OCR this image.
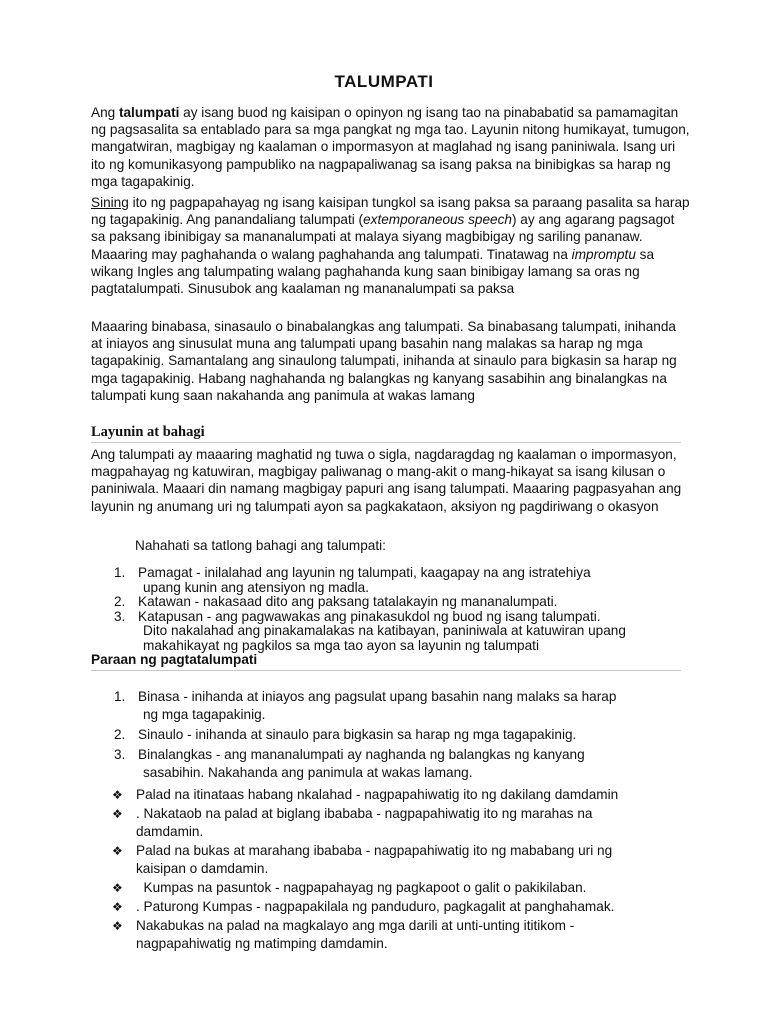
TALUMPATI

Ang talumpati ay isang buod ng kaisipan o opinyon ng isang tao na pinababatid sa pamamagitan ng pagsasalita sa entablado para sa mga pangkat ng mga tao. Layunin nitong humikayat, tumugon, mangatwiran, magbigay ng kaalaman o impormasyon at maglahad ng isang paniniwala. Isang uri ito ng komunikasyong pampubliko na nagpapaliwanag sa isang paksa na binibigkas sa harap ng mga tagapakinig.

Sining ito ng pagpapahayag ng isang kaisipan tungkol sa isang paksa sa paraang pasalita sa harap ng tagapakinig. Ang panandaliang talumpati (extemporaneous speech) ay ang agarang pagsagot sa paksang ibinibigay sa mananalumpati at malaya siyang magbibigay ng sariling pananaw. Maaaring may paghahanda o walang paghahanda ang talumpati. Tinatawag na impromptu sa wikang Ingles ang talumpating walang paghahanda kung saan binibigay lamang sa oras ng pagtatalumpati. Sinusubok ang kaalaman ng mananalumpati sa paksa

Maaaring binabasa, sinasaulo o binabalangkas ang talumpati. Sa binabasang talumpati, inihanda at iniayos ang sinusulat muna ang talumpati upang basahin nang malakas sa harap ng mga tagapakinig. Samantalang ang sinaulong talumpati, inihanda at sinaulo para bigkasin sa harap ng mga tagapakinig. Habang naghahanda ng balangkas ng kanyang sasabihin ang binalangkas na talumpati kung saan nakahanda ang panimula at wakas lamang

Layunin at bahagi

Ang talumpati ay maaaring maghatid ng tuwa o sigla, nagdaragdag ng kaalaman o impormasyon, magpahayag ng katuwiran, magbigay paliwanag o mang-akit o mang-hikayat sa isang kilusan o paniniwala. Maaari din namang magbigay papuri ang isang talumpati. Maaaring pagpasyahan ang layunin ng anumang uri ng talumpati ayon sa pagkakataon, aksiyon ng pagdiriwang o okasyon

Nahahati sa tatlong bahagi ang talumpati:

1. Pamagat - inilalahad ang layunin ng talumpati, kaagapay na ang istratehiya
upang kunin ang atensiyon ng madla.
2. Katawan - nakasaad dito ang paksang tatalakayin ng mananalumpati.
3. Katapusan - ang pagwawakas ang pinakasukdol ng buod ng isang talumpati.
Dito nakalahad ang pinakamalakas na katibayan, paniniwala at katuwiran upang makahikayat ng pagkilos sa mga tao ayon sa layunin ng talumpati
Paraan ng pagtatalumpati
1. Binasa - inihanda at iniayos ang pagsulat upang basahin nang malaks sa harap
ng mga tagapakinig.
2. Sinaulo - inihanda at sinaulo para bigkasin sa harap ng mga tagapakinig.
3. Binalangkas - ang mananalumpati ay naghanda ng balangkas ng kanyang
sasabihin. Nakahanda ang panimula at wakas lamang.
❖ Palad na itinataas habang nkalahad - nagpapahiwatig ito ng dakilang damdamin
❖ . Nakataob na palad at biglang ibababa - nagpapahiwatig ito ng marahas na
damdamin.
❖ Palad na bukas at marahang ibababa - nagpapahiwatig ito ng mababang uri ng
kaisipan o damdamin.
❖ Kumpas na pasuntok - nagpapahayag ng pagkapoot o galit o pakikilaban.
❖ . Paturong Kumpas - nagpapakilala ng panduduro, pagkagalit at panghahamak.
❖ Nakabukas na palad na magkalayo ang mga darili at unti-unting ititikom -
nagpapahiwatig ng matimping damdamin.
